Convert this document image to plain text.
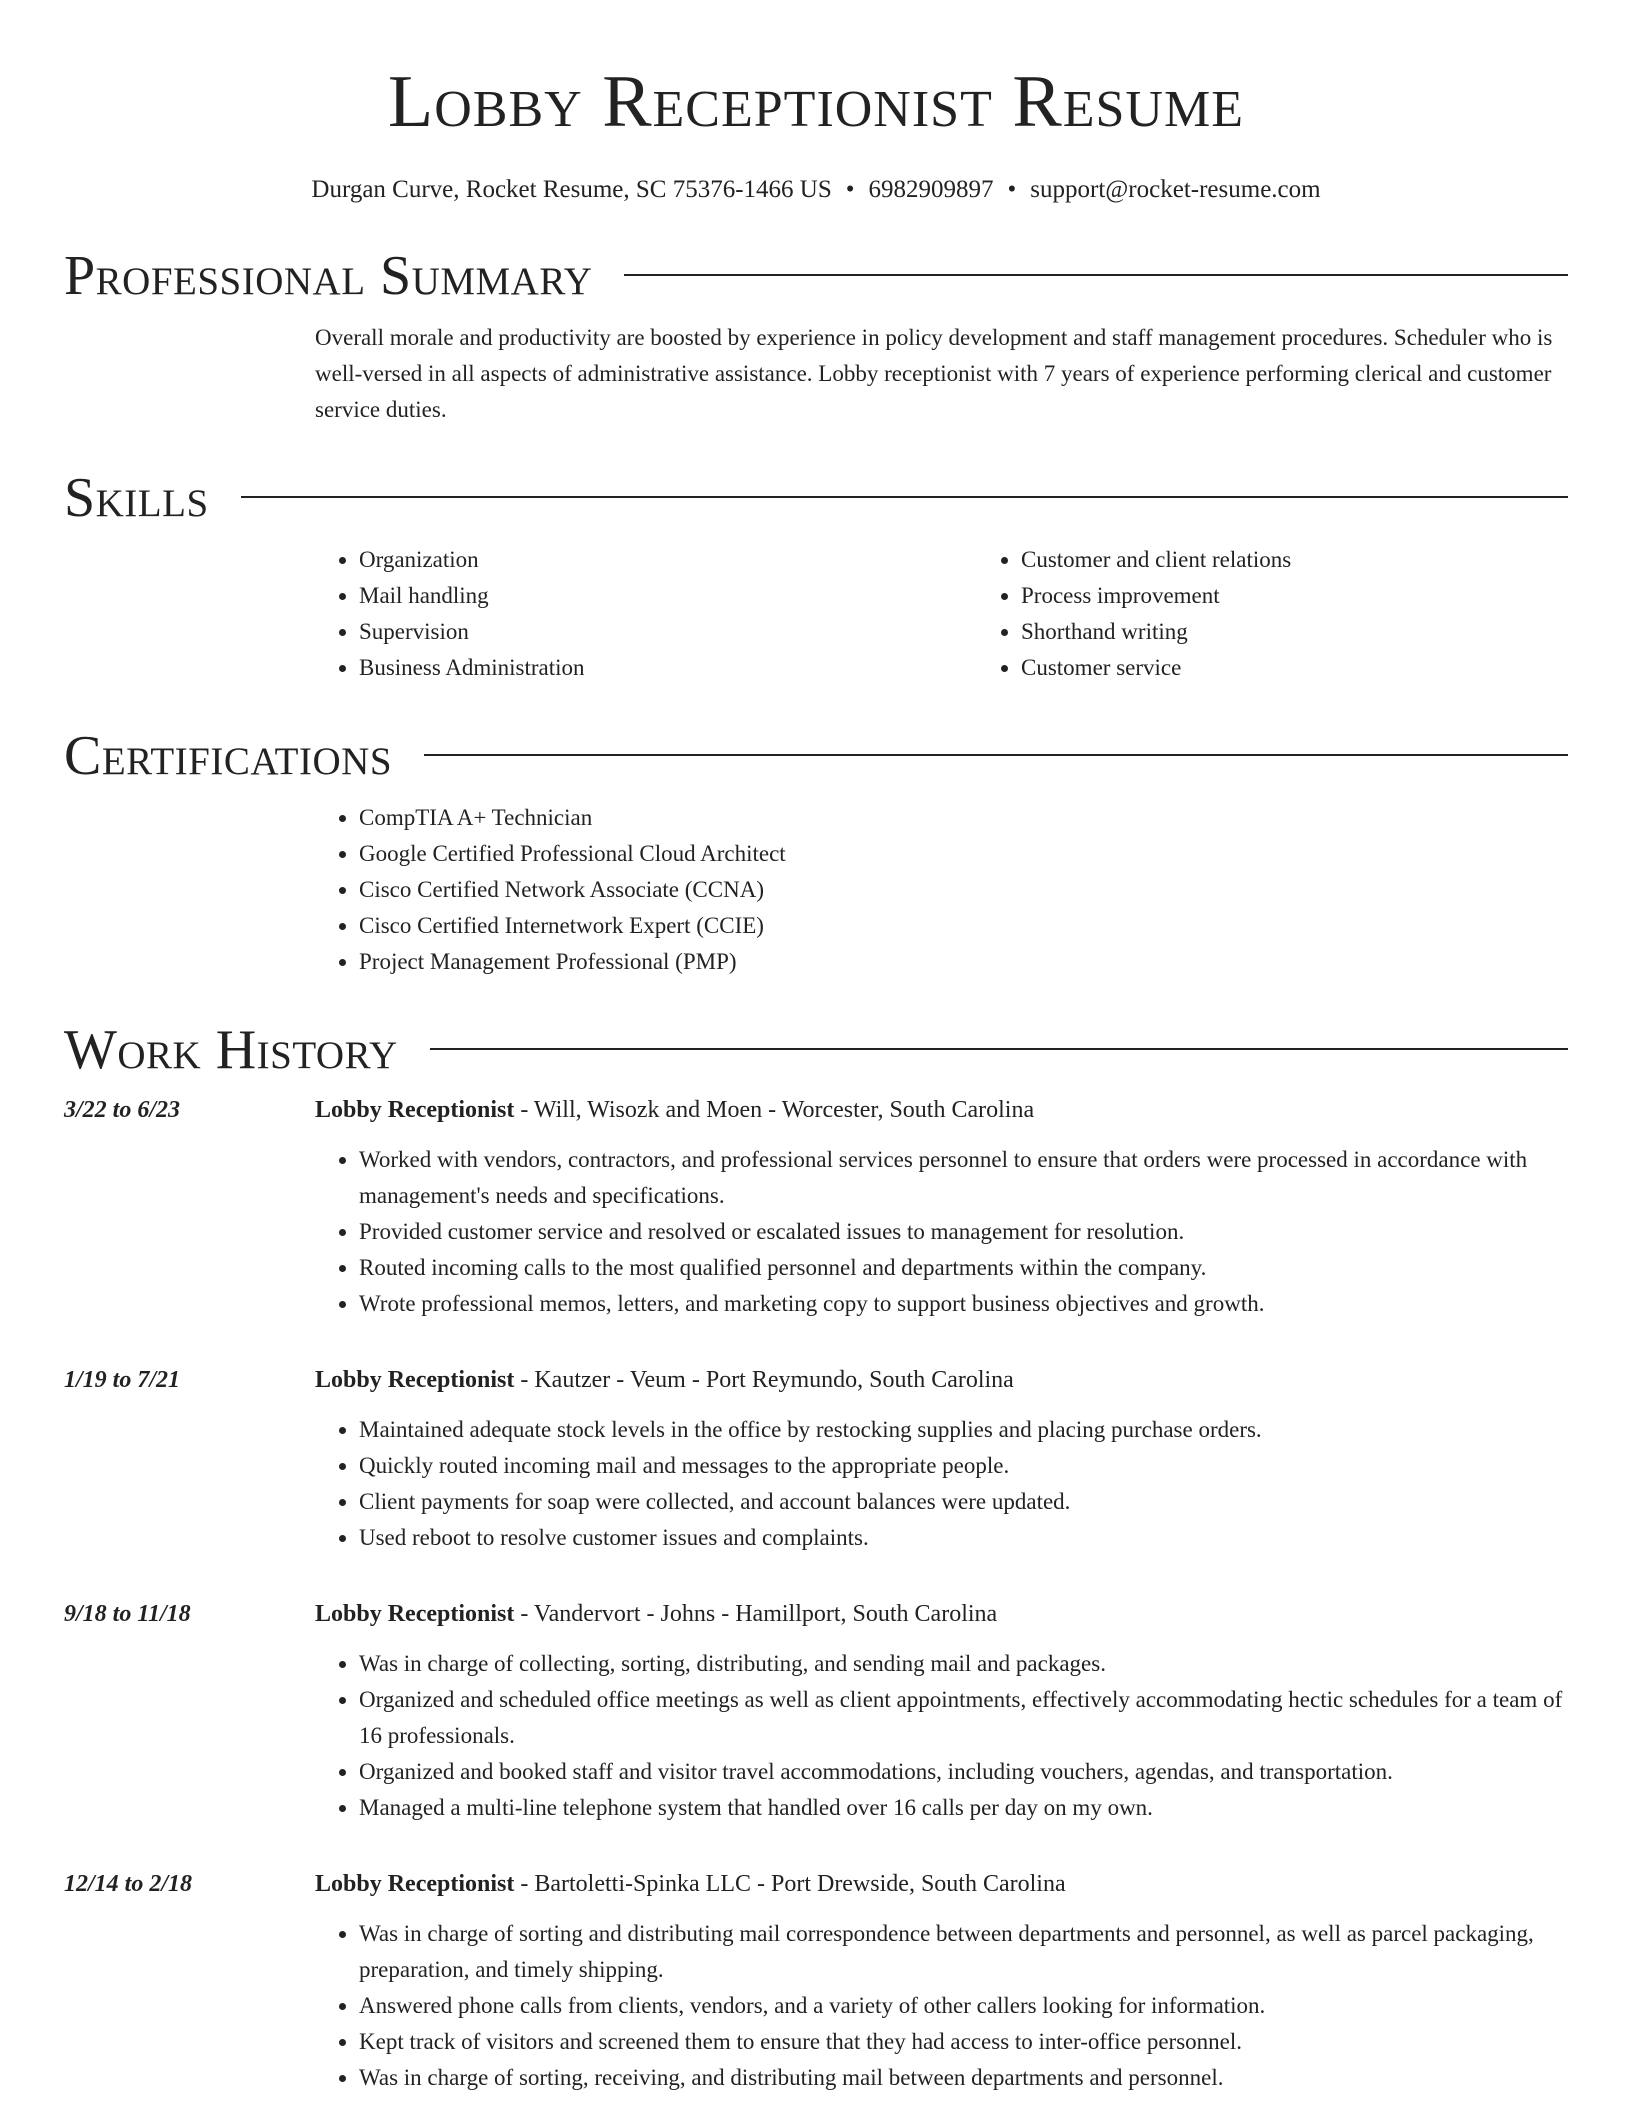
Lobby Receptionist Resume
Durgan Curve, Rocket Resume, SC 75376-1466 US • 6982909897 • support@rocket-resume.com
Professional Summary

Overall morale and productivity are boosted by experience in policy development and staff management procedures. Scheduler who is well-versed in all aspects of administrative assistance. Lobby receptionist with 7 years of experience performing clerical and customer service duties.

Skills
• Organization
• Mail handling
• Supervision
• Business Administration
• Customer and client relations
• Process improvement
• Shorthand writing
• Customer service
Certifications
• CompTIA A+ Technician
• Google Certified Professional Cloud Architect
• Cisco Certified Network Associate (CCNA)
• Cisco Certified Internetwork Expert (CCIE)
• Project Management Professional (PMP)
Work History
3/22 to 6/23	Lobby Receptionist - Will, Wisozk and Moen - Worcester, South Carolina
• Worked with vendors, contractors, and professional services personnel to ensure that orders were processed in accordance with management's needs and specifications.
• Provided customer service and resolved or escalated issues to management for resolution.
• Routed incoming calls to the most qualified personnel and departments within the company.
• Wrote professional memos, letters, and marketing copy to support business objectives and growth.
1/19 to 7/21	Lobby Receptionist - Kautzer - Veum - Port Reymundo, South Carolina
• Maintained adequate stock levels in the office by restocking supplies and placing purchase orders.
• Quickly routed incoming mail and messages to the appropriate people.
• Client payments for soap were collected, and account balances were updated.
• Used reboot to resolve customer issues and complaints.
9/18 to 11/18	Lobby Receptionist - Vandervort - Johns - Hamillport, South Carolina
• Was in charge of collecting, sorting, distributing, and sending mail and packages.
• Organized and scheduled office meetings as well as client appointments, effectively accommodating hectic schedules for a team of 16 professionals.
• Organized and booked staff and visitor travel accommodations, including vouchers, agendas, and transportation.
• Managed a multi-line telephone system that handled over 16 calls per day on my own.
12/14 to 2/18	Lobby Receptionist - Bartoletti-Spinka LLC - Port Drewside, South Carolina
• Was in charge of sorting and distributing mail correspondence between departments and personnel, as well as parcel packaging, preparation, and timely shipping.
• Answered phone calls from clients, vendors, and a variety of other callers looking for information.
• Kept track of visitors and screened them to ensure that they had access to inter-office personnel.
• Was in charge of sorting, receiving, and distributing mail between departments and personnel.
